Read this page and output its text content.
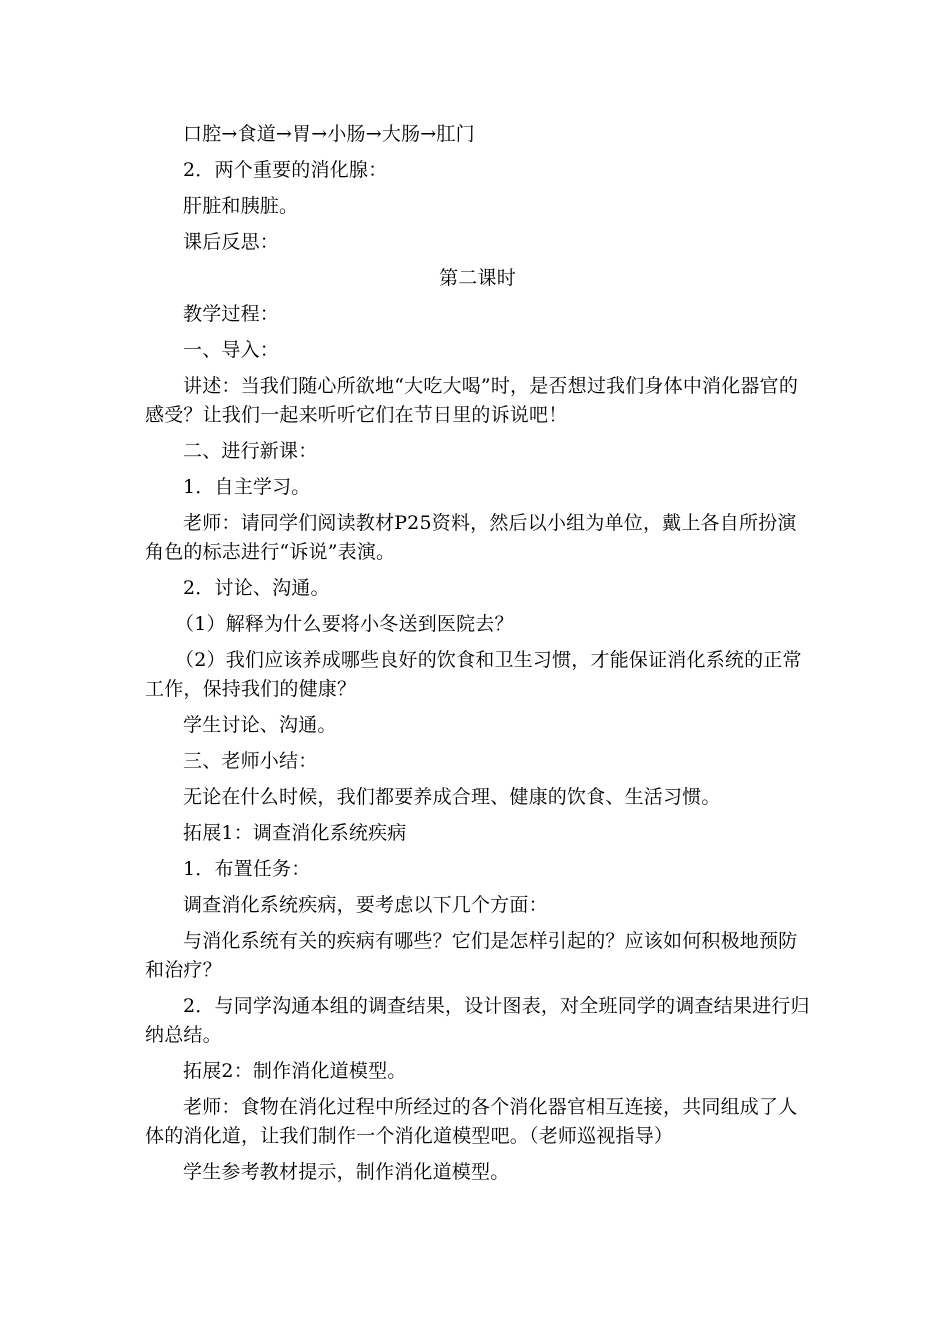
口腔→食道→胃→小肠→大肠→肛门

2．两个重要的消化腺：

肝脏和胰脏。

课后反思：

第二课时

教学过程：

一、导入：

讲述：当我们随心所欲地“大吃大喝”时，是否想过我们身体中消化器官的感受？让我们一起来听听它们在节日里的诉说吧！

二、进行新课：

1．自主学习。

老师：请同学们阅读教材P25资料，然后以小组为单位，戴上各自所扮演角色的标志进行“诉说”表演。

2．讨论、沟通。

（1）解释为什么要将小冬送到医院去？

（2）我们应该养成哪些良好的饮食和卫生习惯，才能保证消化系统的正常工作，保持我们的健康？

学生讨论、沟通。

三、老师小结：

无论在什么时候，我们都要养成合理、健康的饮食、生活习惯。

拓展1：调查消化系统疾病

1．布置任务：

调查消化系统疾病，要考虑以下几个方面：

与消化系统有关的疾病有哪些？它们是怎样引起的？应该如何积极地预防和治疗？

2．与同学沟通本组的调查结果，设计图表，对全班同学的调查结果进行归纳总结。

拓展2：制作消化道模型。

老师：食物在消化过程中所经过的各个消化器官相互连接，共同组成了人体的消化道，让我们制作一个消化道模型吧。（老师巡视指导）

学生参考教材提示，制作消化道模型。
